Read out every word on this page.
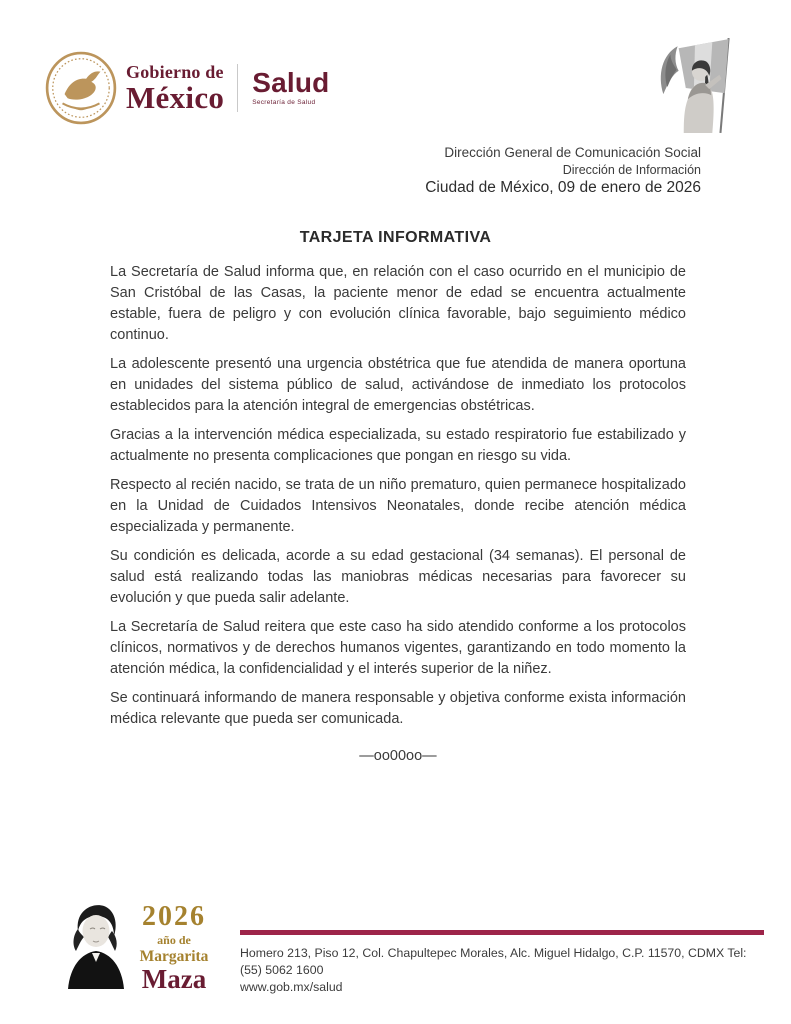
Gobierno de
México Salud
Secretaría de Salud
Dirección General de Comunicación Social
Dirección de Información
Ciudad de México, 09 de enero de 2026
TARJETA INFORMATIVA

La Secretaría de Salud informa que, en relación con el caso ocurrido en el municipio de San Cristóbal de las Casas, la paciente menor de edad se encuentra actualmente estable, fuera de peligro y con evolución clínica favorable, bajo seguimiento médico continuo.

La adolescente presentó una urgencia obstétrica que fue atendida de manera oportuna en unidades del sistema público de salud, activándose de inmediato los protocolos establecidos para la atención integral de emergencias obstétricas.

Gracias a la intervención médica especializada, su estado respiratorio fue estabilizado y actualmente no presenta complicaciones que pongan en riesgo su vida.

Respecto al recién nacido, se trata de un niño prematuro, quien permanece hospitalizado en la Unidad de Cuidados Intensivos Neonatales, donde recibe atención médica especializada y permanente.

Su condición es delicada, acorde a su edad gestacional (34 semanas). El personal de salud está realizando todas las maniobras médicas necesarias para favorecer su evolución y que pueda salir adelante.

La Secretaría de Salud reitera que este caso ha sido atendido conforme a los protocolos clínicos, normativos y de derechos humanos vigentes, garantizando en todo momento la atención médica, la confidencialidad y el interés superior de la niñez.

Se continuará informando de manera responsable y objetiva conforme exista información médica relevante que pueda ser comunicada.

—oo00oo—
2026
año de
Margarita
Maza
Homero 213, Piso 12, Col. Chapultepec Morales, Alc. Miguel Hidalgo, C.P. 11570, CDMX Tel: (55) 5062 1600
www.gob.mx/salud
